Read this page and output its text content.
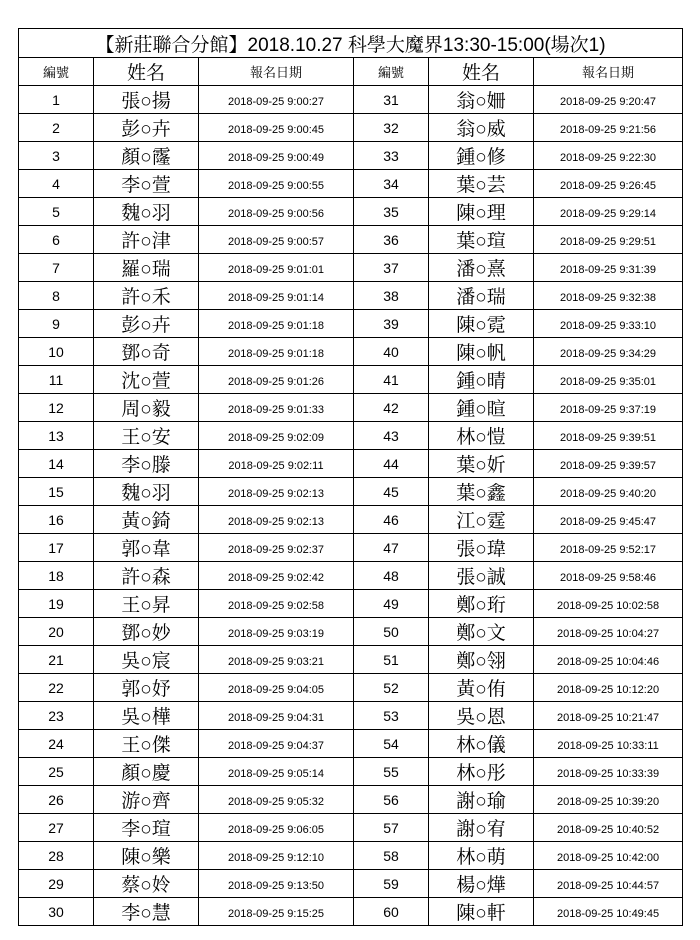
【新莊聯合分館】2018.10.27 科學大魔界13:30-15:00(場次1)					
編號	姓名	報名日期	編號	姓名	報名日期
1	張○揚	2018-09-25 9:00:27	31	翁○姍	2018-09-25 9:20:47
2	彭○卉	2018-09-25 9:00:45	32	翁○威	2018-09-25 9:21:56
3	顏○霳	2018-09-25 9:00:49	33	鍾○修	2018-09-25 9:22:30
4	李○萱	2018-09-25 9:00:55	34	葉○芸	2018-09-25 9:26:45
5	魏○羽	2018-09-25 9:00:56	35	陳○理	2018-09-25 9:29:14
6	許○津	2018-09-25 9:00:57	36	葉○瑄	2018-09-25 9:29:51
7	羅○瑞	2018-09-25 9:01:01	37	潘○熹	2018-09-25 9:31:39
8	許○禾	2018-09-25 9:01:14	38	潘○瑞	2018-09-25 9:32:38
9	彭○卉	2018-09-25 9:01:18	39	陳○霓	2018-09-25 9:33:10
10	鄧○奇	2018-09-25 9:01:18	40	陳○帆	2018-09-25 9:34:29
11	沈○萱	2018-09-25 9:01:26	41	鍾○晴	2018-09-25 9:35:01
12	周○毅	2018-09-25 9:01:33	42	鍾○暄	2018-09-25 9:37:19
13	王○安	2018-09-25 9:02:09	43	林○愷	2018-09-25 9:39:51
14	李○滕	2018-09-25 9:02:11	44	葉○妡	2018-09-25 9:39:57
15	魏○羽	2018-09-25 9:02:13	45	葉○鑫	2018-09-25 9:40:20
16	黃○錡	2018-09-25 9:02:13	46	江○霆	2018-09-25 9:45:47
17	郭○韋	2018-09-25 9:02:37	47	張○瑋	2018-09-25 9:52:17
18	許○森	2018-09-25 9:02:42	48	張○誠	2018-09-25 9:58:46
19	王○昇	2018-09-25 9:02:58	49	鄭○珩	2018-09-25 10:02:58
20	鄧○妙	2018-09-25 9:03:19	50	鄭○文	2018-09-25 10:04:27
21	吳○宸	2018-09-25 9:03:21	51	鄭○翎	2018-09-25 10:04:46
22	郭○妤	2018-09-25 9:04:05	52	黃○侑	2018-09-25 10:12:20
23	吳○樺	2018-09-25 9:04:31	53	吳○恩	2018-09-25 10:21:47
24	王○傑	2018-09-25 9:04:37	54	林○儀	2018-09-25 10:33:11
25	顏○慶	2018-09-25 9:05:14	55	林○彤	2018-09-25 10:33:39
26	游○齊	2018-09-25 9:05:32	56	謝○瑜	2018-09-25 10:39:20
27	李○瑄	2018-09-25 9:06:05	57	謝○宥	2018-09-25 10:40:52
28	陳○樂	2018-09-25 9:12:10	58	林○萌	2018-09-25 10:42:00
29	蔡○姈	2018-09-25 9:13:50	59	楊○燁	2018-09-25 10:44:57
30	李○慧	2018-09-25 9:15:25	60	陳○軒	2018-09-25 10:49:45
